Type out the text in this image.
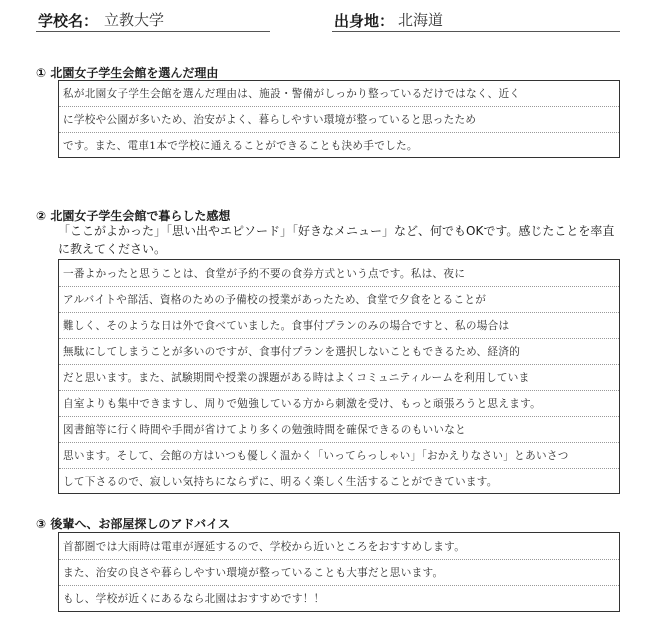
学校名： 立教大学	出身地： 北海道
① 北園女子学生会館を選んだ理由
私が北園女子学生会館を選んだ理由は、施設・警備がしっかり整っているだけではなく、近く
に学校や公園が多いため、治安がよく、暮らしやすい環境が整っていると思ったため
です。また、電車1本で学校に通えることができることも決め手でした。
② 北園女子学生会館で暮らした感想
「ここがよかった」「思い出やエピソード」「好きなメニュー」など、何でもOKです。感じたことを率直に教えてください。
一番よかったと思うことは、食堂が予約不要の食券方式という点です。私は、夜に
アルバイトや部活、資格のための予備校の授業があったため、食堂で夕食をとることが
難しく、そのような日は外で食べていました。食事付プランのみの場合ですと、私の場合は
無駄にしてしまうことが多いのですが、食事付プランを選択しないこともできるため、経済的
だと思います。また、試験期間や授業の課題がある時はよくコミュニティルームを利用していま
自室よりも集中できますし、周りで勉強している方から刺激を受け、もっと頑張ろうと思えます。
図書館等に行く時間や手間が省けてより多くの勉強時間を確保できるのもいいなと
思います。そして、会館の方はいつも優しく温かく「いってらっしゃい」「おかえりなさい」とあいさつ
して下さるので、寂しい気持ちにならずに、明るく楽しく生活することができています。
③ 後輩へ、お部屋探しのアドバイス
首都圏では大雨時は電車が遅延するので、学校から近いところをおすすめします。
また、治安の良さや暮らしやすい環境が整っていることも大事だと思います。
もし、学校が近くにあるなら北園はおすすめです！！
